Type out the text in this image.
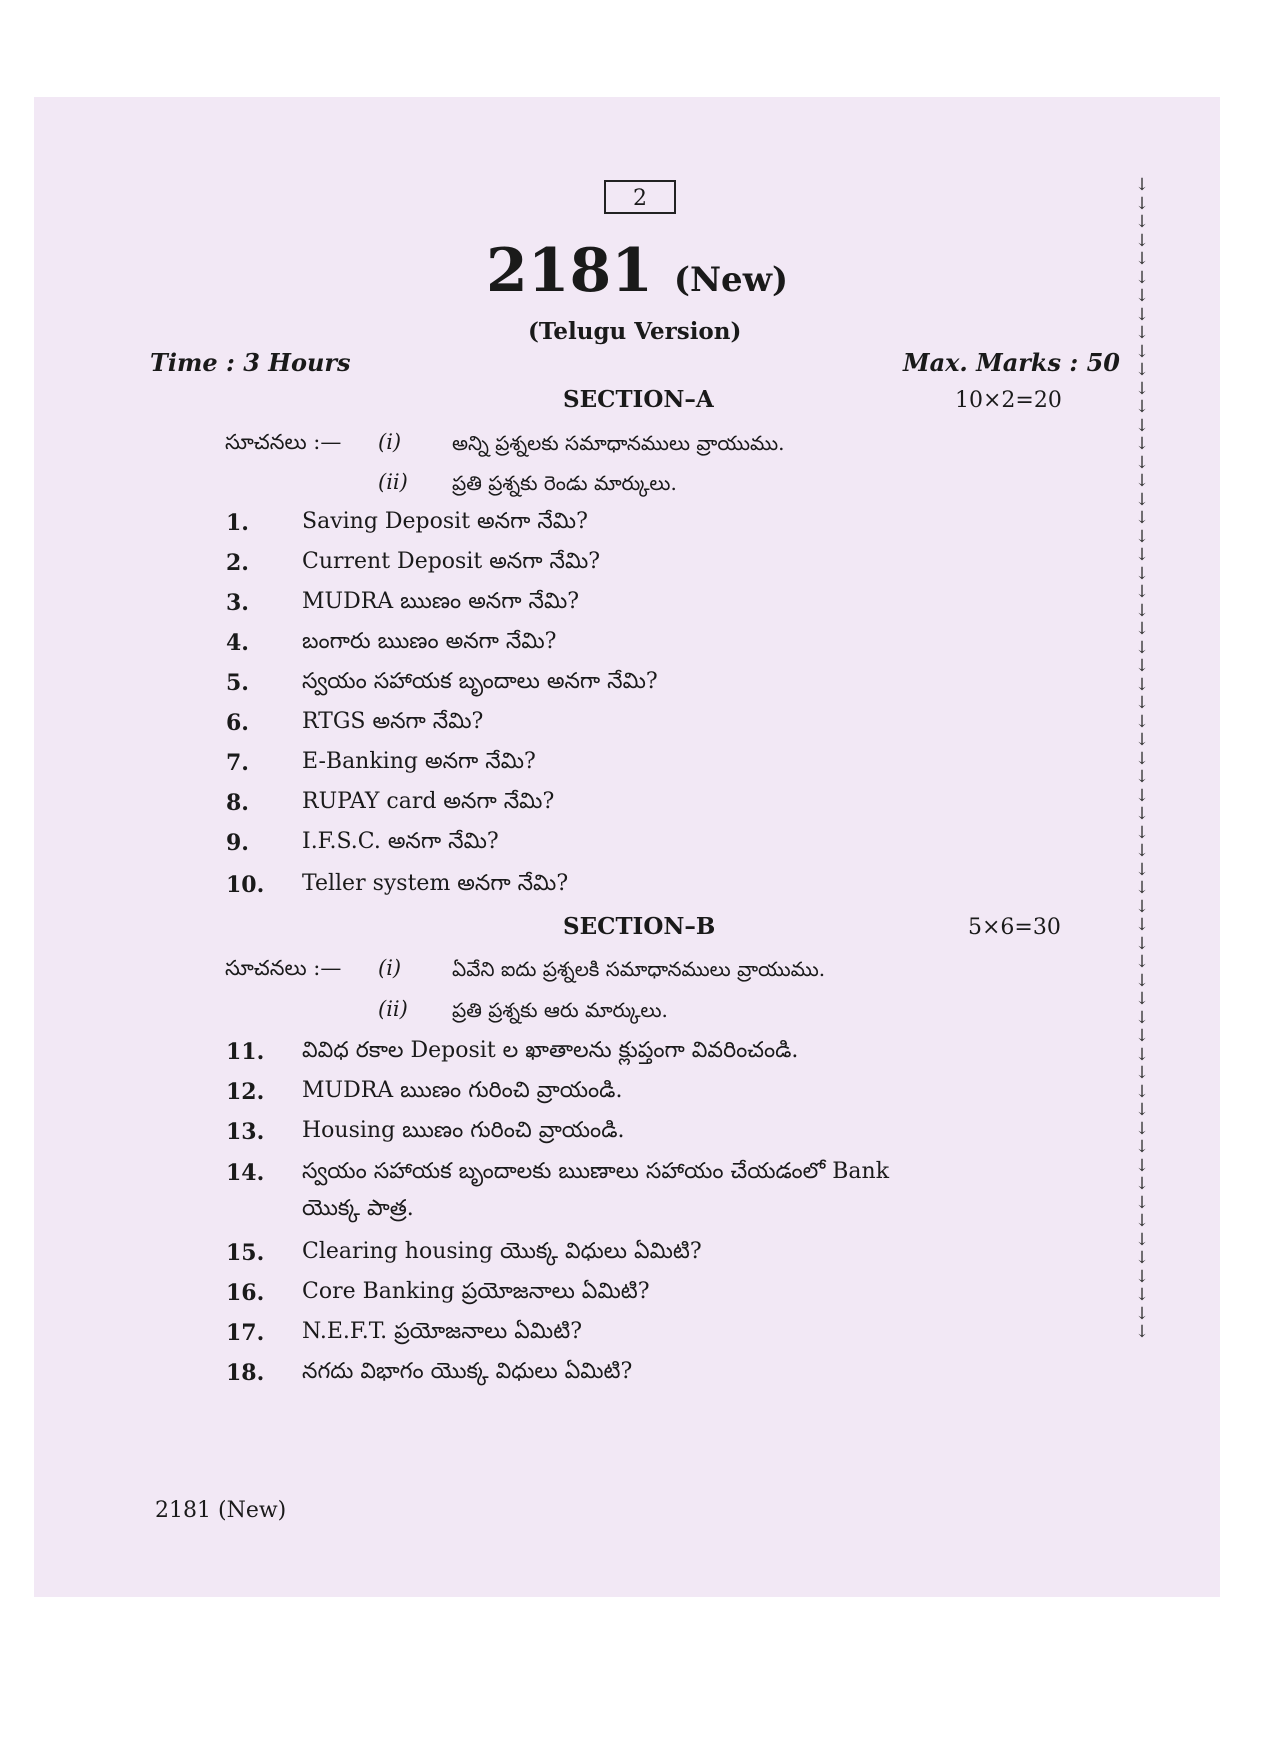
2
2181 (New)
(Telugu Version)
Time : 3 Hours	Max. Marks : 50
SECTION–A	10×2=20
సూచనలు :— (i)	అన్ని ప్రశ్నలకు సమాధానములు వ్రాయుము.
(ii) ప్రతి ప్రశ్నకు రెండు మార్కులు.
1. Saving Deposit అనగా నేమి?
2. Current Deposit అనగా నేమి?
3. MUDRA ఋణం అనగా నేమి?
4. బంగారు ఋణం అనగా నేమి?
5. స్వయం సహాయక బృందాలు అనగా నేమి?
6. RTGS అనగా నేమి?
7. E-Banking అనగా నేమి?
8. RUPAY card అనగా నేమి?
9. I.F.S.C. అనగా నేమి?
10. Teller system అనగా నేమి?
SECTION–B	5×6=30
సూచనలు :— (i)	ఏవేని ఐదు ప్రశ్నలకి సమాధానములు వ్రాయుము.
(ii) ప్రతి ప్రశ్నకు ఆరు మార్కులు.
11. వివిధ రకాల Deposit ల ఖాతాలను క్లుప్తంగా వివరించండి.
12. MUDRA ఋణం గురించి వ్రాయండి.
13. Housing ఋణం గురించి వ్రాయండి.
14. స్వయం సహాయక బృందాలకు ఋణాలు సహాయం చేయడంలో Bank
యొక్క పాత్ర.
15. Clearing housing యొక్క విధులు ఏమిటి?
16. Core Banking ప్రయోజనాలు ఏమిటి?
17. N.E.F.T. ప్రయోజనాలు ఏమిటి?
18. నగదు విభాగం యొక్క విధులు ఏమిటి?
2181 (New)
↓
↓
↓
↓
↓
↓
↓
↓
↓
↓
↓
↓
↓
↓
↓
↓
↓
↓
↓
↓
↓
↓
↓
↓
↓
↓
↓
↓
↓
↓
↓
↓
↓
↓
↓
↓
↓
↓
↓
↓
↓
↓
↓
↓
↓
↓
↓
↓
↓
↓
↓
↓
↓
↓
↓
↓
↓
↓
↓
↓
↓
↓
↓
